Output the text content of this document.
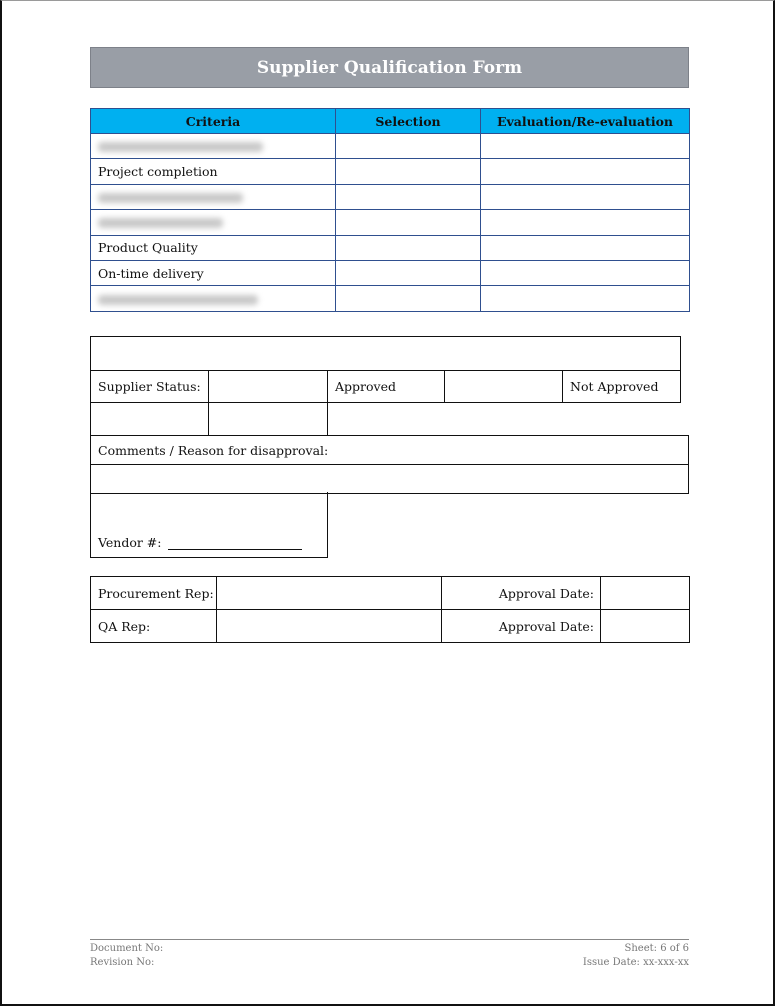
Supplier Qualification Form
Criteria	Selection	Evaluation/Re-evaluation

Project completion		

Product Quality		
On-time delivery		

Supplier Status:		Approved		Not Approved

Comments / Reason for disapproval:

Vendor #:
Procurement Rep:		Approval Date:	
QA Rep:		Approval Date:	
Document No:
Revision No:
Sheet: 6 of 6
Issue Date: xx-xxx-xx
